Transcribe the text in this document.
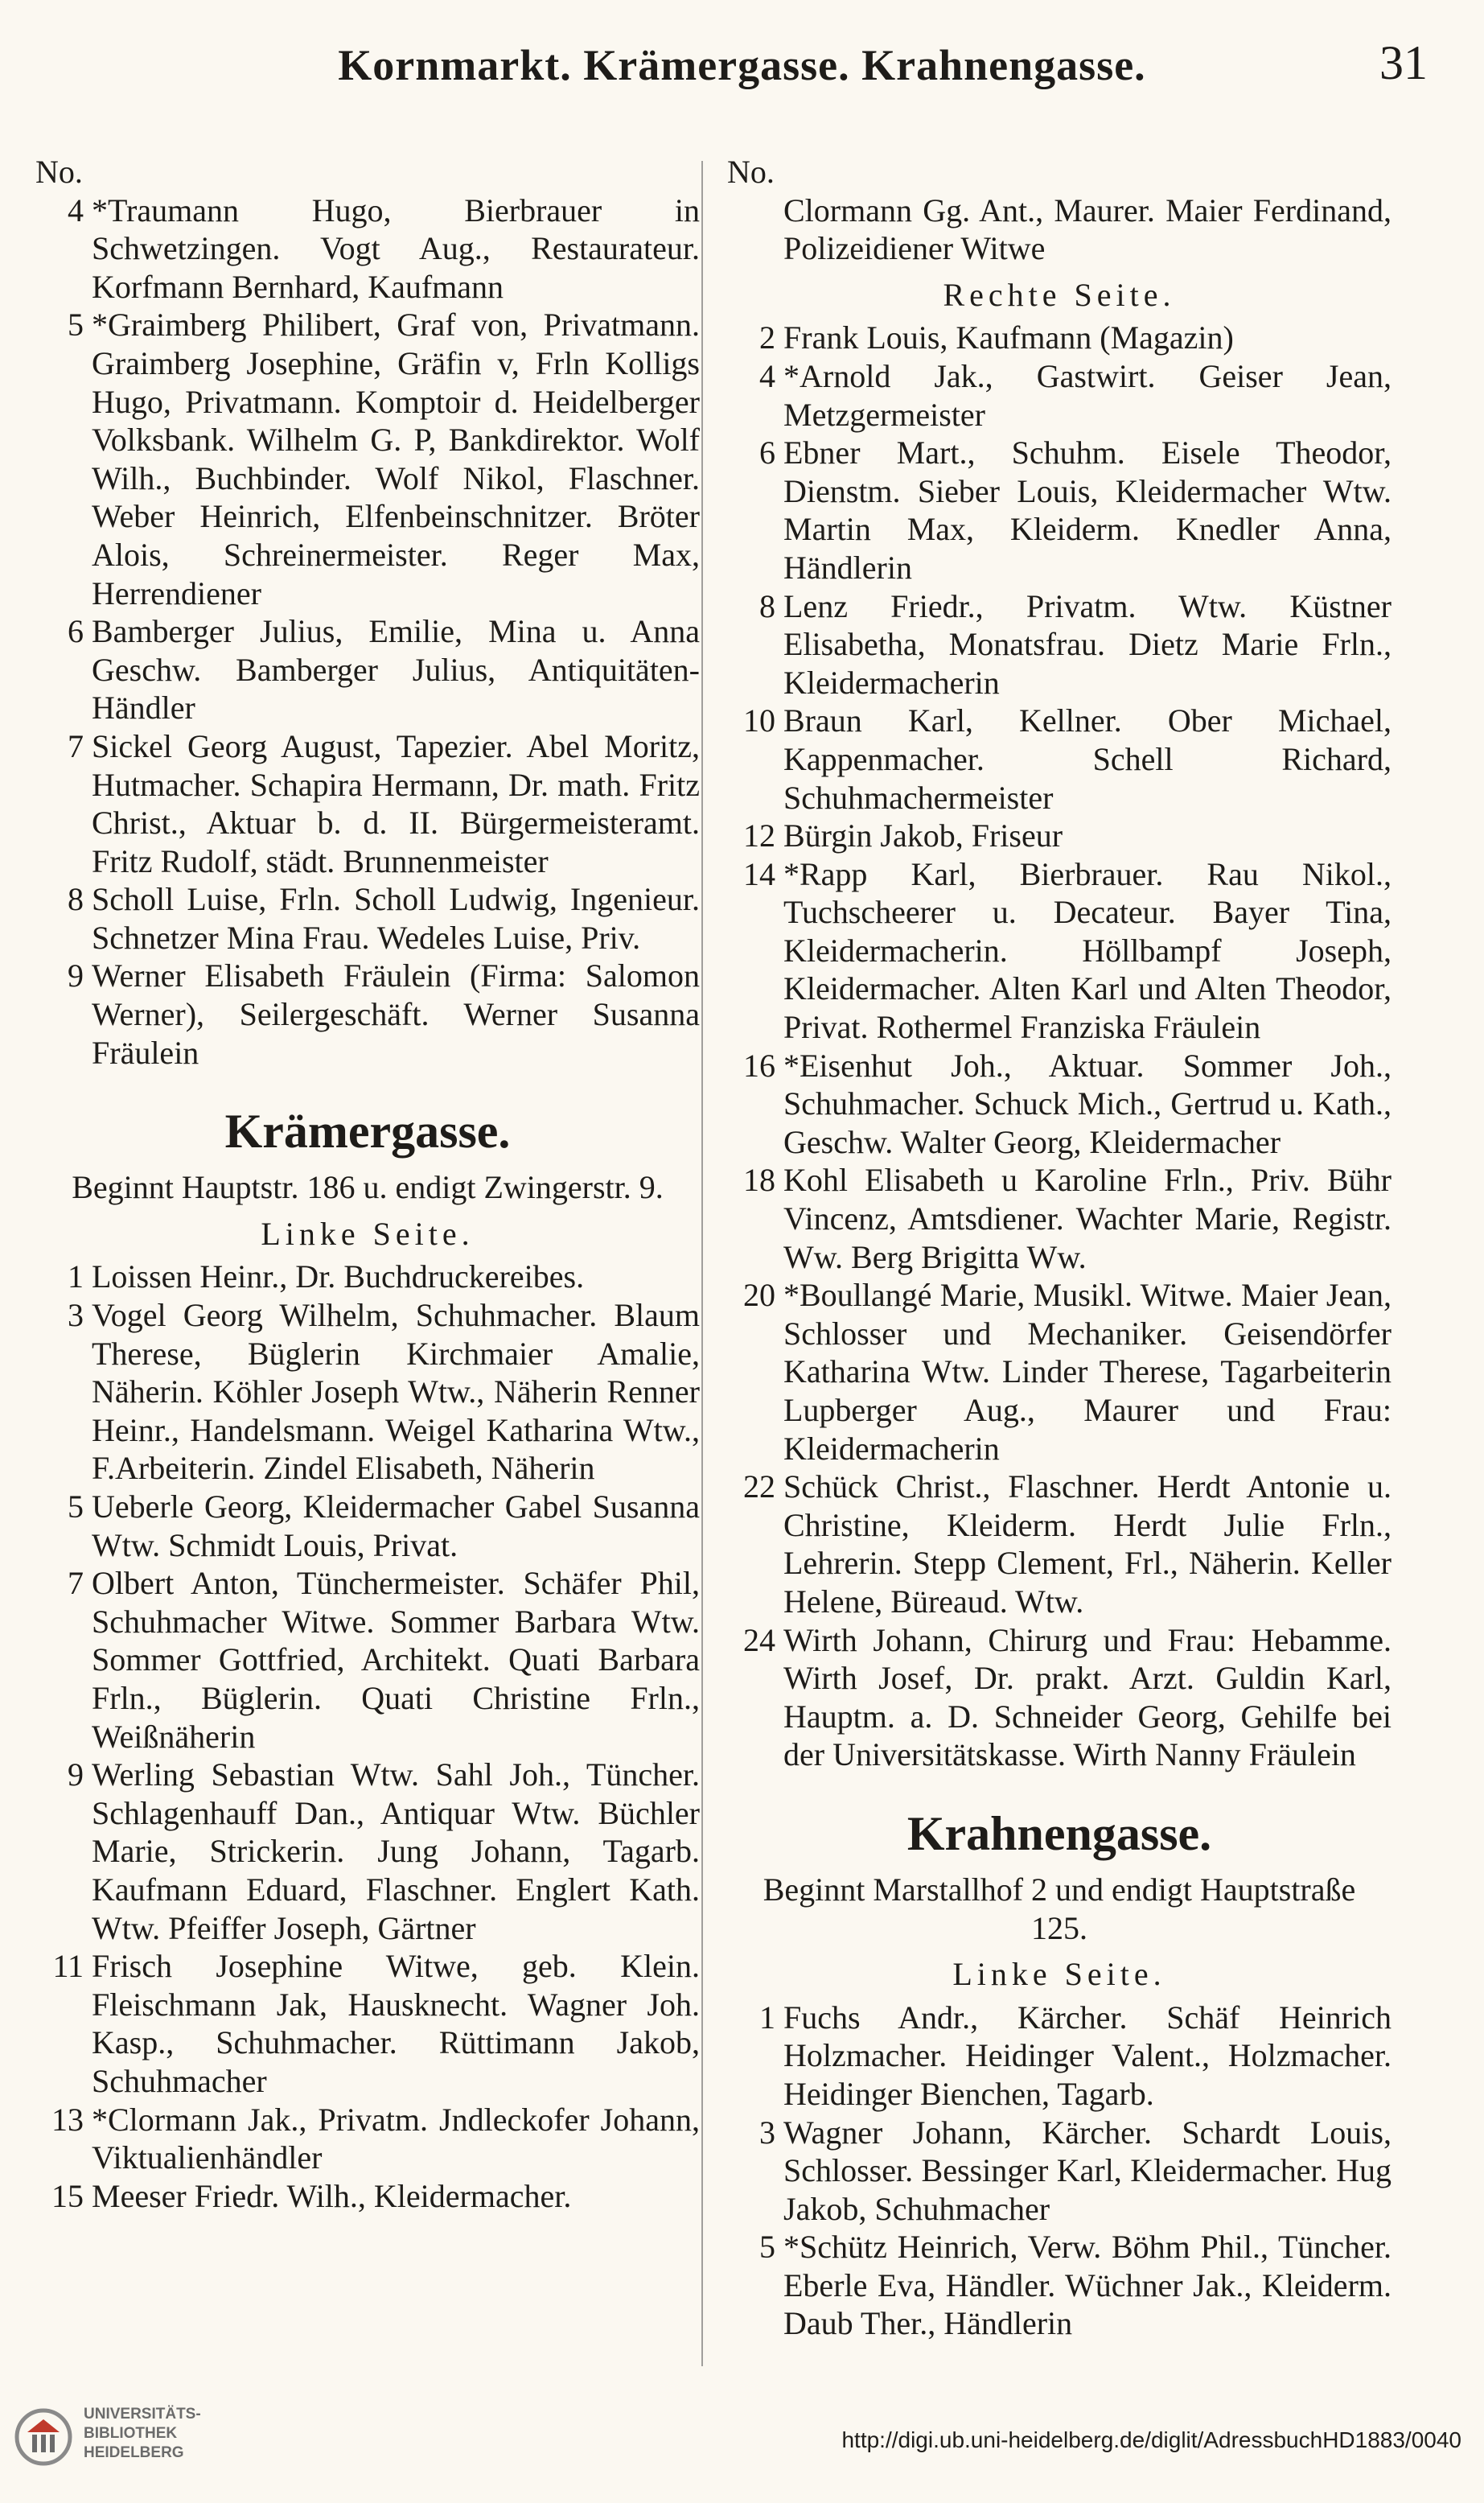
Kornmarkt. Krämergasse. Krahnengasse.	31
No.
4 *Traumann Hugo, Bierbrauer in Schwetzingen. Vogt Aug., Restaurateur. Korfmann Bernhard, Kaufmann
5 *Graimberg Philibert, Graf von, Privatmann. Graimberg Josephine, Gräfin v, Frln Kolligs Hugo, Privatmann. Komptoir d. Heidelberger Volksbank. Wilhelm G. P, Bankdirektor. Wolf Wilh., Buchbinder. Wolf Nikol, Flaschner. Weber Heinrich, Elfenbeinschnitzer. Bröter Alois, Schreinermeister. Reger Max, Herrendiener
6 Bamberger Julius, Emilie, Mina u. Anna Geschw. Bamberger Julius, Antiquitäten-Händler
7 Sickel Georg August, Tapezier. Abel Moritz, Hutmacher. Schapira Hermann, Dr. math. Fritz Christ., Aktuar b. d. II. Bürgermeisteramt. Fritz Rudolf, städt. Brunnenmeister
8 Scholl Luise, Frln. Scholl Ludwig, Ingenieur. Schnetzer Mina Frau. Wedeles Luise, Priv.
9 Werner Elisabeth Fräulein (Firma: Salomon Werner), Seilergeschäft. Werner Susanna Fräulein
Krämergasse.
Beginnt Hauptstr. 186 u. endigt Zwingerstr. 9.
Linke Seite.
1 Loissen Heinr., Dr. Buchdruckereibes.
3 Vogel Georg Wilhelm, Schuhmacher. Blaum Therese, Büglerin Kirchmaier Amalie, Näherin. Köhler Joseph Wtw., Näherin Renner Heinr., Handelsmann. Weigel Katharina Wtw., F.Arbeiterin. Zindel Elisabeth, Näherin
5 Ueberle Georg, Kleidermacher Gabel Susanna Wtw. Schmidt Louis, Privat.
7 Olbert Anton, Tünchermeister. Schäfer Phil, Schuhmacher Witwe. Sommer Barbara Wtw. Sommer Gottfried, Architekt. Quati Barbara Frln., Büglerin. Quati Christine Frln., Weißnäherin
9 Werling Sebastian Wtw. Sahl Joh., Tüncher. Schlagenhauff Dan., Antiquar Wtw. Büchler Marie, Strickerin. Jung Johann, Tagarb. Kaufmann Eduard, Flaschner. Englert Kath. Wtw. Pfeiffer Joseph, Gärtner
11 Frisch Josephine Witwe, geb. Klein. Fleischmann Jak, Hausknecht. Wagner Joh. Kasp., Schuhmacher. Rüttimann Jakob, Schuhmacher
13 *Clormann Jak., Privatm. Jndleckofer Johann, Viktualienhändler
15 Meeser Friedr. Wilh., Kleidermacher.
No.
Clormann Gg. Ant., Maurer. Maier Ferdinand, Polizeidiener Witwe
Rechte Seite.
2 Frank Louis, Kaufmann (Magazin)
4 *Arnold Jak., Gastwirt. Geiser Jean, Metzgermeister
6 Ebner Mart., Schuhm. Eisele Theodor, Dienstm. Sieber Louis, Kleidermacher Wtw. Martin Max, Kleiderm. Knedler Anna, Händlerin
8 Lenz Friedr., Privatm. Wtw. Küstner Elisabetha, Monatsfrau. Dietz Marie Frln., Kleidermacherin
10 Braun Karl, Kellner. Ober Michael, Kappenmacher. Schell Richard, Schuhmachermeister
12 Bürgin Jakob, Friseur
14 *Rapp Karl, Bierbrauer. Rau Nikol., Tuchscheerer u. Decateur. Bayer Tina, Kleidermacherin. Höllbampf Joseph, Kleidermacher. Alten Karl und Alten Theodor, Privat. Rothermel Franziska Fräulein
16 *Eisenhut Joh., Aktuar. Sommer Joh., Schuhmacher. Schuck Mich., Gertrud u. Kath., Geschw. Walter Georg, Kleidermacher
18 Kohl Elisabeth u Karoline Frln., Priv. Bühr Vincenz, Amtsdiener. Wachter Marie, Registr. Ww. Berg Brigitta Ww.
20 *Boullangé Marie, Musikl. Witwe. Maier Jean, Schlosser und Mechaniker. Geisendörfer Katharina Wtw. Linder Therese, Tagarbeiterin Lupberger Aug., Maurer und Frau: Kleidermacherin
22 Schück Christ., Flaschner. Herdt Antonie u. Christine, Kleiderm. Herdt Julie Frln., Lehrerin. Stepp Clement, Frl., Näherin. Keller Helene, Büreaud. Wtw.
24 Wirth Johann, Chirurg und Frau: Hebamme. Wirth Josef, Dr. prakt. Arzt. Guldin Karl, Hauptm. a. D. Schneider Georg, Gehilfe bei der Universitätskasse. Wirth Nanny Fräulein
Krahnengasse.
Beginnt Marstallhof 2 und endigt Hauptstraße 125.
Linke Seite.
1 Fuchs Andr., Kärcher. Schäf Heinrich Holzmacher. Heidinger Valent., Holzmacher. Heidinger Bienchen, Tagarb.
3 Wagner Johann, Kärcher. Schardt Louis, Schlosser. Bessinger Karl, Kleidermacher. Hug Jakob, Schuhmacher
5 *Schütz Heinrich, Verw. Böhm Phil., Tüncher. Eberle Eva, Händler. Wüchner Jak., Kleiderm. Daub Ther., Händlerin
UNIVERSITÄTS-
BIBLIOTHEK
HEIDELBERG
http://digi.ub.uni-heidelberg.de/diglit/AdressbuchHD1883/0040
